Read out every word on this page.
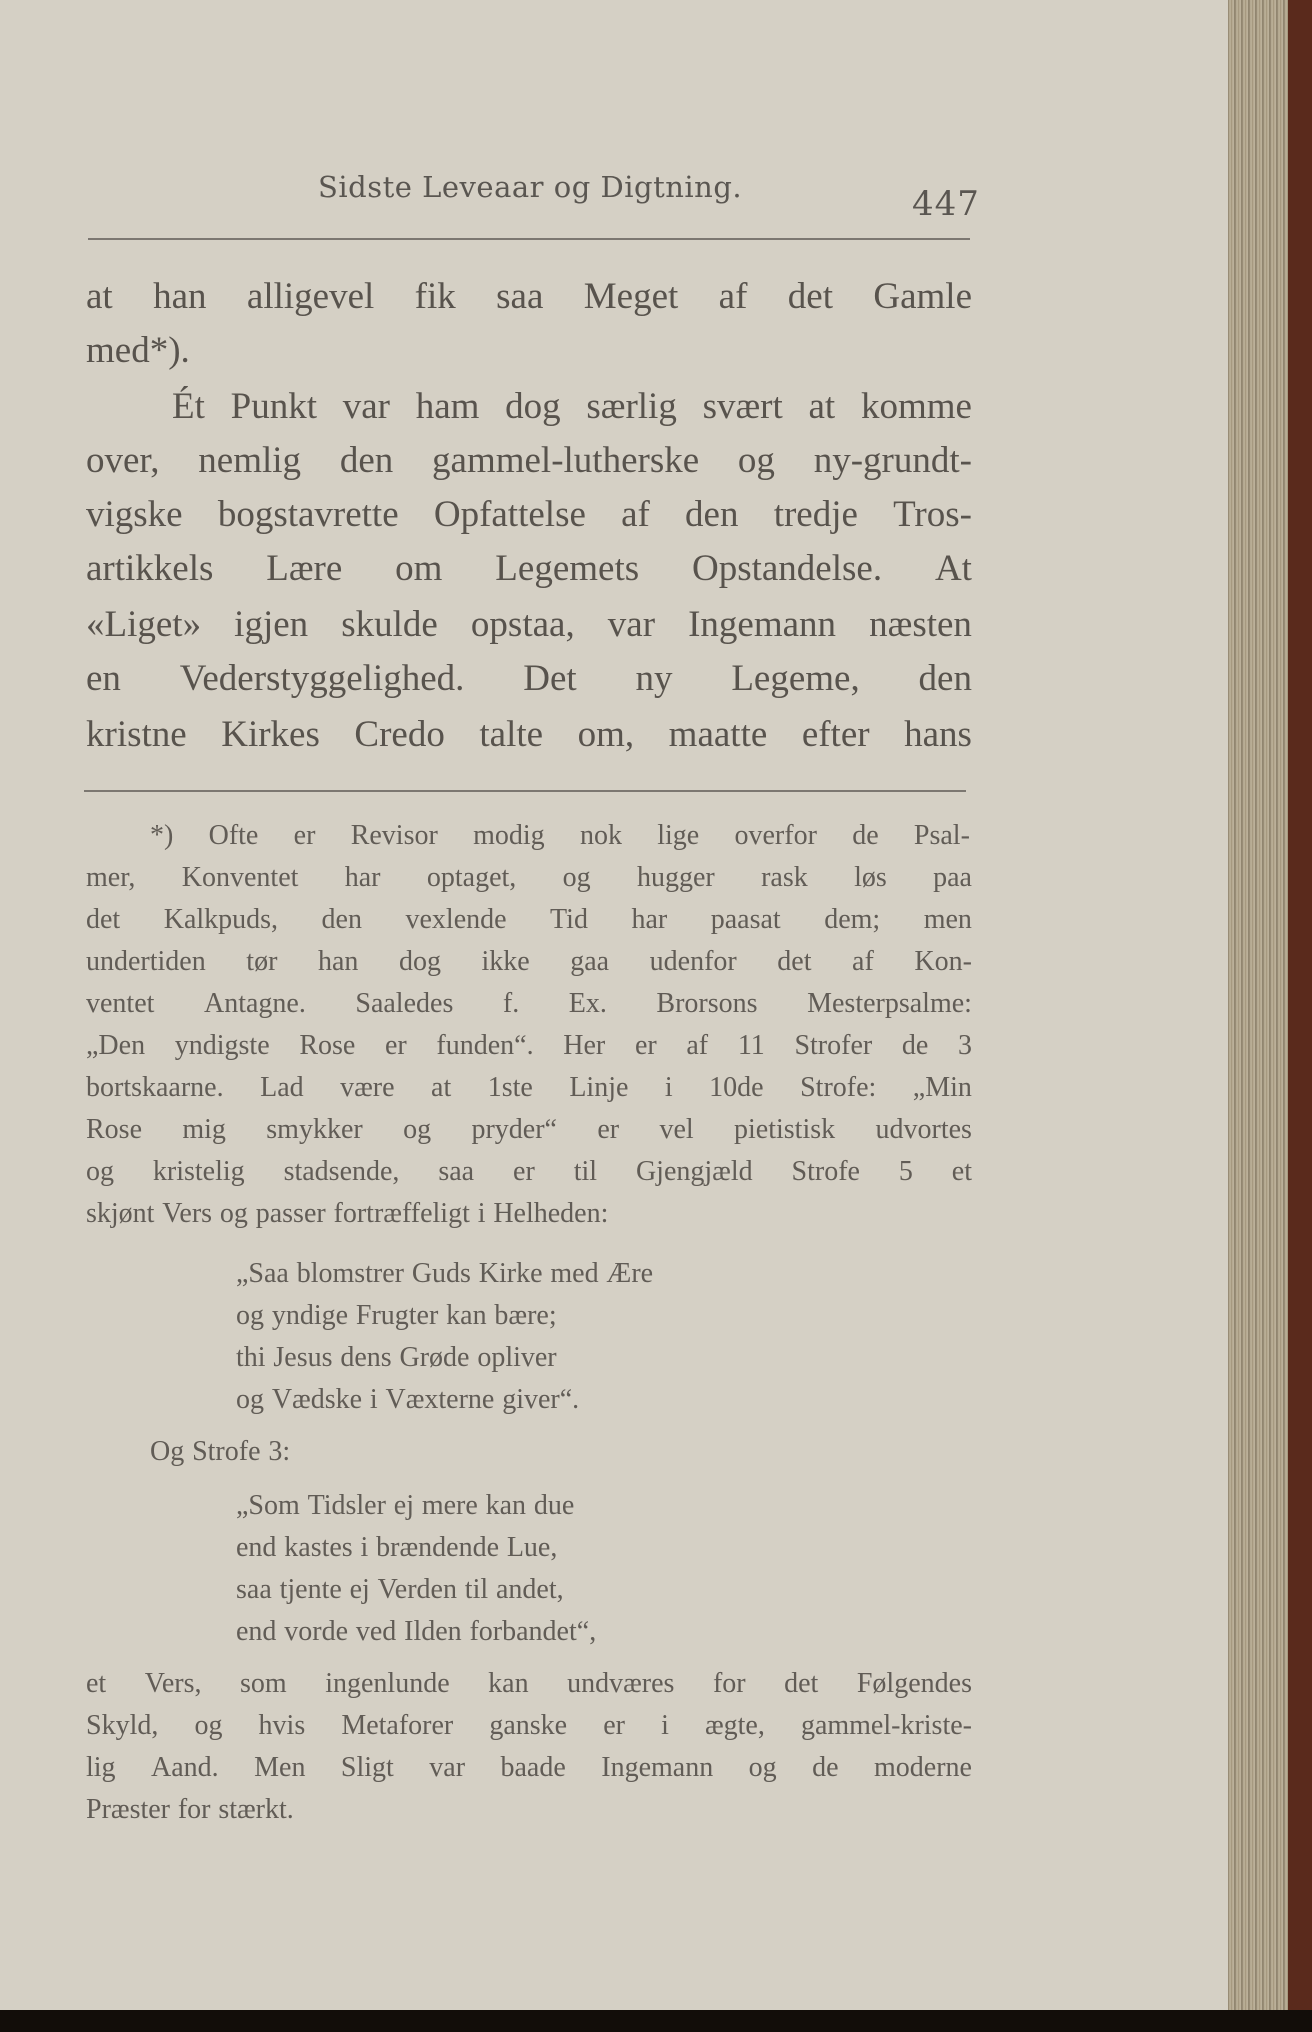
Sidste Leveaar og Digtning.	447
at han alligevel fik saa Meget af det Gamle
med*).
Ét Punkt var ham dog særlig svært at komme
over, nemlig den gammel-lutherske og ny-grundt-
vigske bogstavrette Opfattelse af den tredje Tros-
artikkels Lære om Legemets Opstandelse. At
«Liget» igjen skulde opstaa, var Ingemann næsten
en Vederstyggelighed. Det ny Legeme, den
kristne Kirkes Credo talte om, maatte efter hans
*) Ofte er Revisor modig nok lige overfor de Psal-
mer, Konventet har optaget, og hugger rask løs paa
det Kalkpuds, den vexlende Tid har paasat dem; men
undertiden tør han dog ikke gaa udenfor det af Kon-
ventet Antagne. Saaledes f. Ex. Brorsons Mesterpsalme:
„Den yndigste Rose er funden“. Her er af 11 Strofer de 3
bortskaarne. Lad være at 1ste Linje i 10de Strofe: „Min
Rose mig smykker og pryder“ er vel pietistisk udvortes
og kristelig stadsende, saa er til Gjengjæld Strofe 5 et
skjønt Vers og passer fortræffeligt i Helheden:
„Saa blomstrer Guds Kirke med Ære
og yndige Frugter kan bære;
thi Jesus dens Grøde opliver
og Vædske i Væxterne giver“.
Og Strofe 3:
„Som Tidsler ej mere kan due
end kastes i brændende Lue,
saa tjente ej Verden til andet,
end vorde ved Ilden forbandet“,
et Vers, som ingenlunde kan undværes for det Følgendes
Skyld, og hvis Metaforer ganske er i ægte, gammel-kriste-
lig Aand. Men Sligt var baade Ingemann og de moderne
Præster for stærkt.
